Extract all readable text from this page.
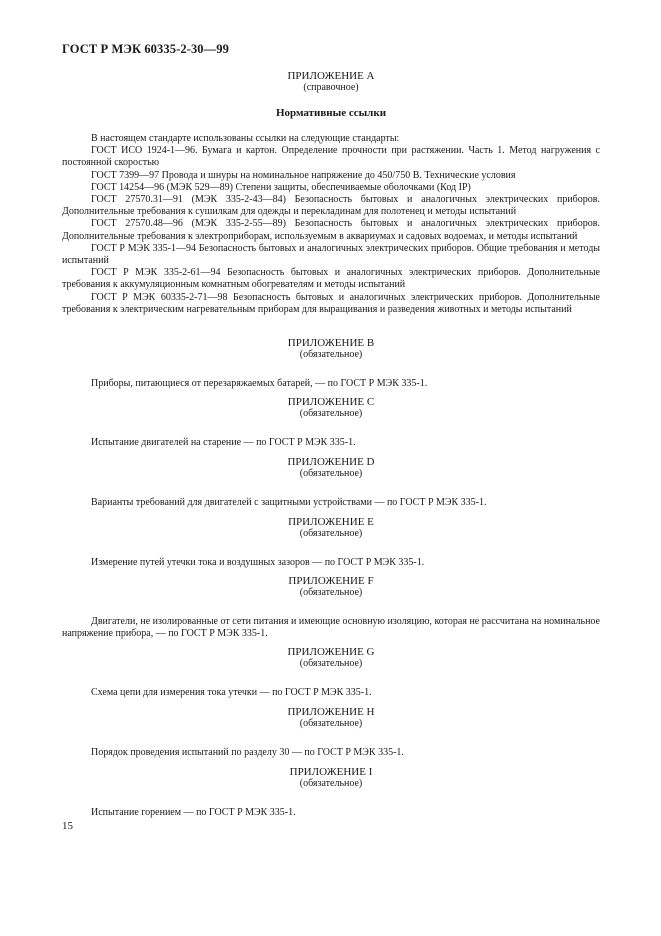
ГОСТ Р МЭК 60335-2-30—99
ПРИЛОЖЕНИЕ А
(справочное)
Нормативные ссылки

В настоящем стандарте использованы ссылки на следующие стандарты:

ГОСТ ИСО 1924-1—96. Бумага и картон. Определение прочности при растяжении. Часть 1. Метод нагружения с постоянной скоростью

ГОСТ 7399—97 Провода и шнуры на номинальное напряжение до 450/750 В. Технические условия

ГОСТ 14254—96 (МЭК 529—89) Степени защиты, обеспечиваемые оболочками (Код IP)

ГОСТ 27570.31—91 (МЭК 335-2-43—84) Безопасность бытовых и аналогичных электрических приборов. Дополнительные требования к сушилкам для одежды и перекладинам для полотенец и методы испытаний

ГОСТ 27570.48—96 (МЭК 335-2-55—89) Безопасность бытовых и аналогичных электрических приборов. Дополнительные требования к электроприборам, используемым в аквариумах и садовых водоемах, и методы испытаний

ГОСТ Р МЭК 335-1—94 Безопасность бытовых и аналогичных электрических приборов. Общие требования и методы испытаний

ГОСТ Р МЭК 335-2-61—94 Безопасность бытовых и аналогичных электрических приборов. Дополнительные требования к аккумуляционным комнатным обогревателям и методы испытаний

ГОСТ Р МЭК 60335-2-71—98 Безопасность бытовых и аналогичных электрических приборов. Дополнительные требования к электрическим нагревательным приборам для выращивания и разведения животных и методы испытаний

ПРИЛОЖЕНИЕ В
(обязательное)
Приборы, питающиеся от перезаряжаемых батарей, — по ГОСТ Р МЭК 335-1.
ПРИЛОЖЕНИЕ С
(обязательное)
Испытание двигателей на старение — по ГОСТ Р МЭК 335-1.
ПРИЛОЖЕНИЕ D
(обязательное)
Варианты требований для двигателей с защитными устройствами — по ГОСТ Р МЭК 335-1.
ПРИЛОЖЕНИЕ Е
(обязательное)
Измерение путей утечки тока и воздушных зазоров — по ГОСТ Р МЭК 335-1.
ПРИЛОЖЕНИЕ F
(обязательное)
Двигатели, не изолированные от сети питания и имеющие основную изоляцию, которая не рассчитана на номинальное напряжение прибора, — по ГОСТ Р МЭК 335-1.
ПРИЛОЖЕНИЕ G
(обязательное)
Схема цепи для измерения тока утечки — по ГОСТ Р МЭК 335-1.
ПРИЛОЖЕНИЕ Н
(обязательное)
Порядок проведения испытаний по разделу 30 — по ГОСТ Р МЭК 335-1.
ПРИЛОЖЕНИЕ I
(обязательное)
Испытание горением — по ГОСТ Р МЭК 335-1.
15
